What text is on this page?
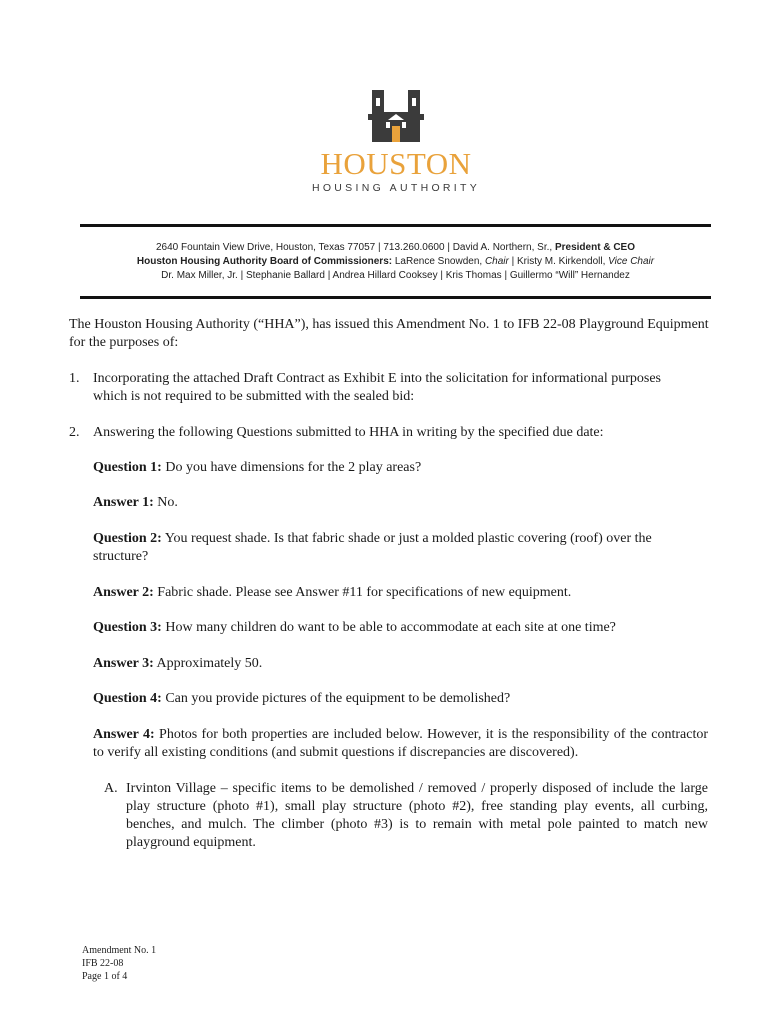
HOUSTON
HOUSING AUTHORITY
2640 Fountain View Drive, Houston, Texas 77057 | 713.260.0600 | David A. Northern, Sr., President & CEO
Houston Housing Authority Board of Commissioners: LaRence Snowden, Chair | Kristy M. Kirkendoll, Vice Chair
Dr. Max Miller, Jr. | Stephanie Ballard | Andrea Hillard Cooksey | Kris Thomas | Guillermo “Will” Hernandez
The Houston Housing Authority (“HHA”), has issued this Amendment No. 1 to IFB 22-08 Playground Equipment for the purposes of:
1. Incorporating the attached Draft Contract as Exhibit E into the solicitation for informational purposes
which is not required to be submitted with the sealed bid:
2. Answering the following Questions submitted to HHA in writing by the specified due date:
Question 1: Do you have dimensions for the 2 play areas?
Answer 1: No.
Question 2: You request shade. Is that fabric shade or just a molded plastic covering (roof) over the structure?
Answer 2: Fabric shade. Please see Answer #11 for specifications of new equipment.
Question 3: How many children do want to be able to accommodate at each site at one time?
Answer 3: Approximately 50.
Question 4: Can you provide pictures of the equipment to be demolished?
Answer 4: Photos for both properties are included below. However, it is the responsibility of the contractor to verify all existing conditions (and submit questions if discrepancies are discovered).
A. Irvinton Village – specific items to be demolished / removed / properly disposed of include the large play structure (photo #1), small play structure (photo #2), free standing play events, all curbing, benches, and mulch. The climber (photo #3) is to remain with metal pole painted to match new playground equipment.
Amendment No. 1
IFB 22-08
Page 1 of 4
